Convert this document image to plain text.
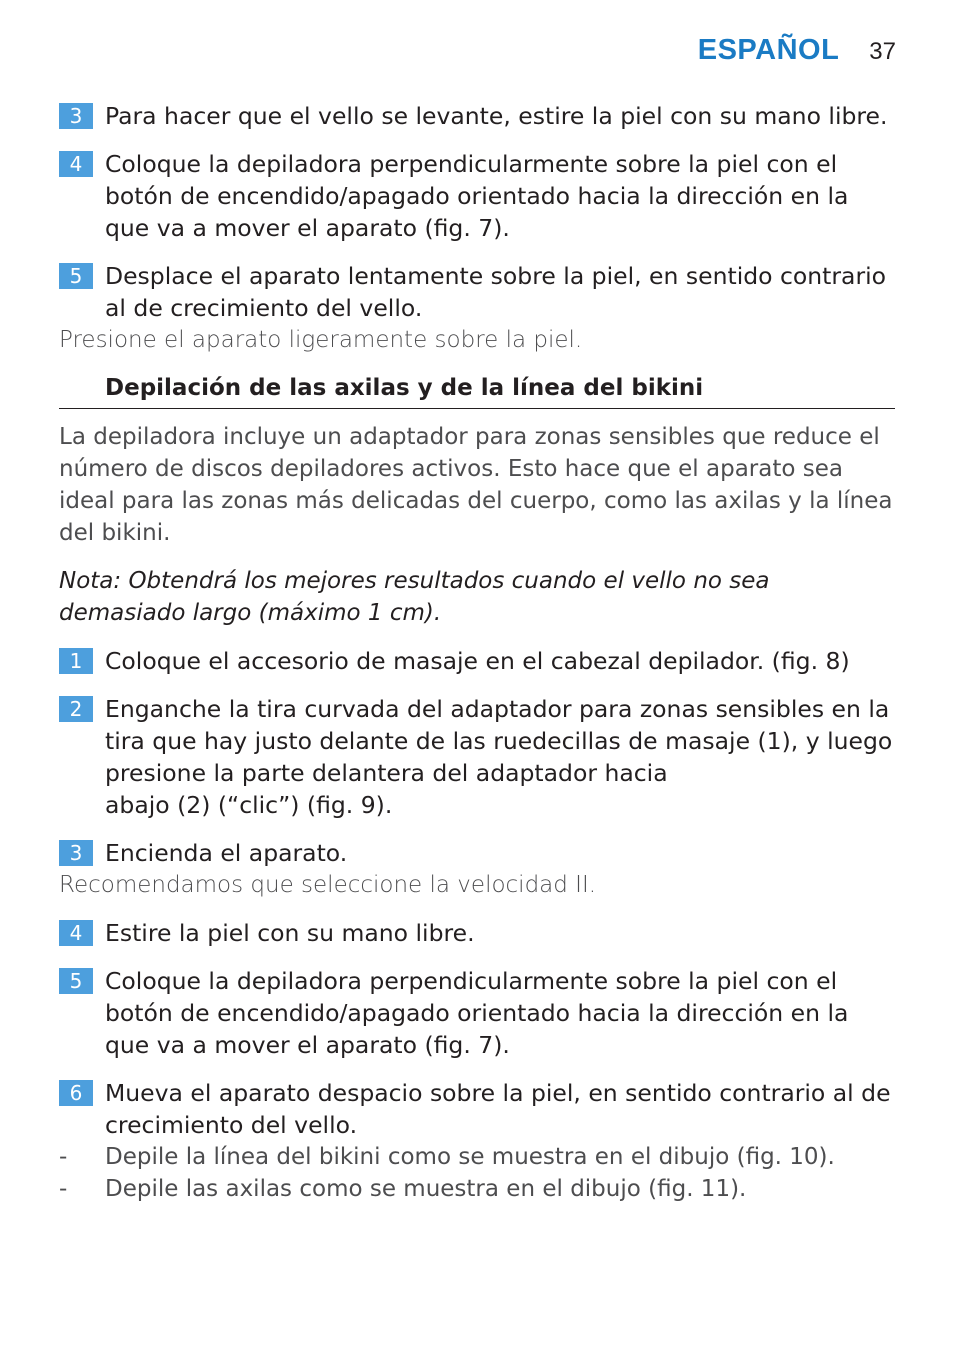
ESPAÑOL 37
3 Para hacer que el vello se levante, estire la piel con su mano libre.
4 Coloque la depiladora perpendicularmente sobre la piel con el botón de encendido/apagado orientado hacia la dirección en la que va a mover el aparato (fig. 7).
5 Desplace el aparato lentamente sobre la piel, en sentido contrario al de crecimiento del vello.
Presione el aparato ligeramente sobre la piel.
Depilación de las axilas y de la línea del bikini
La depiladora incluye un adaptador para zonas sensibles que reduce el número de discos depiladores activos. Esto hace que el aparato sea ideal para las zonas más delicadas del cuerpo, como las axilas y la línea del bikini.
Nota: Obtendrá los mejores resultados cuando el vello no sea demasiado largo (máximo 1 cm).
1 Coloque el accesorio de masaje en el cabezal depilador. (fig. 8)
2 Enganche la tira curvada del adaptador para zonas sensibles en la tira que hay justo delante de las ruedecillas de masaje (1), y luego presione la parte delantera del adaptador hacia
abajo (2) (“clic”) (fig. 9).
3 Encienda el aparato.
Recomendamos que seleccione la velocidad II.
4 Estire la piel con su mano libre.
5 Coloque la depiladora perpendicularmente sobre la piel con el botón de encendido/apagado orientado hacia la dirección en la que va a mover el aparato (fig. 7).
6 Mueva el aparato despacio sobre la piel, en sentido contrario al de crecimiento del vello.
- Depile la línea del bikini como se muestra en el dibujo (fig. 10).
- Depile las axilas como se muestra en el dibujo (fig. 11).
